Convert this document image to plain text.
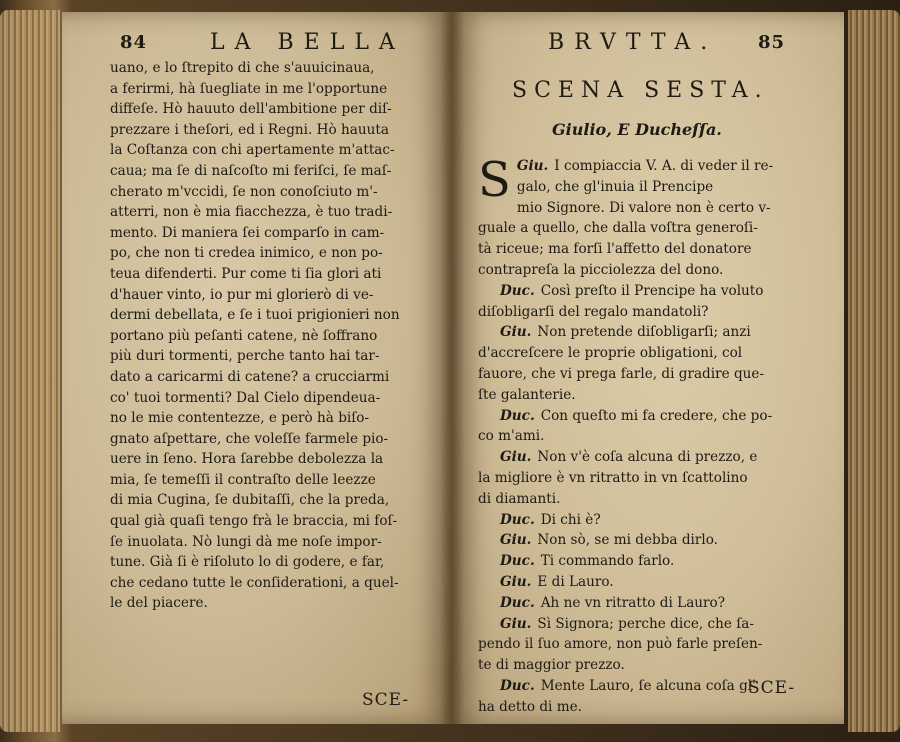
84	LA BELLA
uano, e lo ſtrepito di che s'auuicinaua,
a ferirmi, hà ſuegliate in me l'opportune
diffeſe. Hò hauuto dell'ambitione per diſ-
prezzare i theſori, ed i Regni. Hò hauuta
la Coſtanza con chi apertamente m'attac-
caua; ma ſe di naſcoſto mi feriſci, ſe maſ-
cherato m'vccidi, ſe non conoſciuto m'-
atterri, non è mia fiacchezza, è tuo tradi-
mento. Di maniera ſei comparſo in cam-
po, che non ti credea inimico, e non po-
teua difenderti. Pur come ti ſia glori ati
d'hauer vinto, io pur mi glorierò di ve-
dermi debellata, e ſe i tuoi prigionieri non
portano più peſanti catene, nè ſoffrano
più duri tormenti, perche tanto hai tar-
dato a caricarmi di catene? a crucciarmi
co' tuoi tormenti? Dal Cielo dipendeua-
no le mie contentezze, e però hà biſo-
gnato aſpettare, che voleſſe farmele pio-
uere in ſeno. Hora ſarebbe debolezza la
mia, ſe temeſſi il contraſto delle leezze
di mia Cugina, ſe dubitaſſi, che la preda,
qual già quaſi tengo frà le braccia, mi foſ-
ſe inuolata. Nò lungi dà me noſe impor-
tune. Già ſi è riſoluto lo di godere, e far,
che cedano tutte le conſiderationi, a quel-
le del piacere.
SCE-
BRVTTA. 85
SCENA SESTA.
Giulio, E Ducheſſa.
S Giu. I compiaccia V. A. di veder il re-
galo, che gl'inuia il Prencipe
mio Signore. Di valore non è certo v-
guale a quello, che dalla voſtra generoſi-
tà riceue; ma forſi l'affetto del donatore
contrapreſa la picciolezza del dono.
Duc. Così preſto il Prencipe ha voluto
diſobligarſi del regalo mandatoli?
Giu. Non pretende diſobligarſi; anzi
d'accreſcere le proprie obligationi, col
fauore, che vi prega farle, di gradire que-
ſte galanterie.
Duc. Con queſto mi fa credere, che po-
co m'ami.
Giu. Non v'è coſa alcuna di prezzo, e
la migliore è vn ritratto in vn ſcattolino
di diamanti.
Duc. Di chi è?
Giu. Non sò, se mi debba dirlo.
Duc. Ti commando farlo.
Giu. E di Lauro.
Duc. Ah ne vn ritratto di Lauro?
Giu. Sì Signora; perche dice, che ſa-
pendo il ſuo amore, non può farle preſen-
te di maggior prezzo.
Duc. Mente Lauro, ſe alcuna coſa gl'
ha detto di me.
SCE-
